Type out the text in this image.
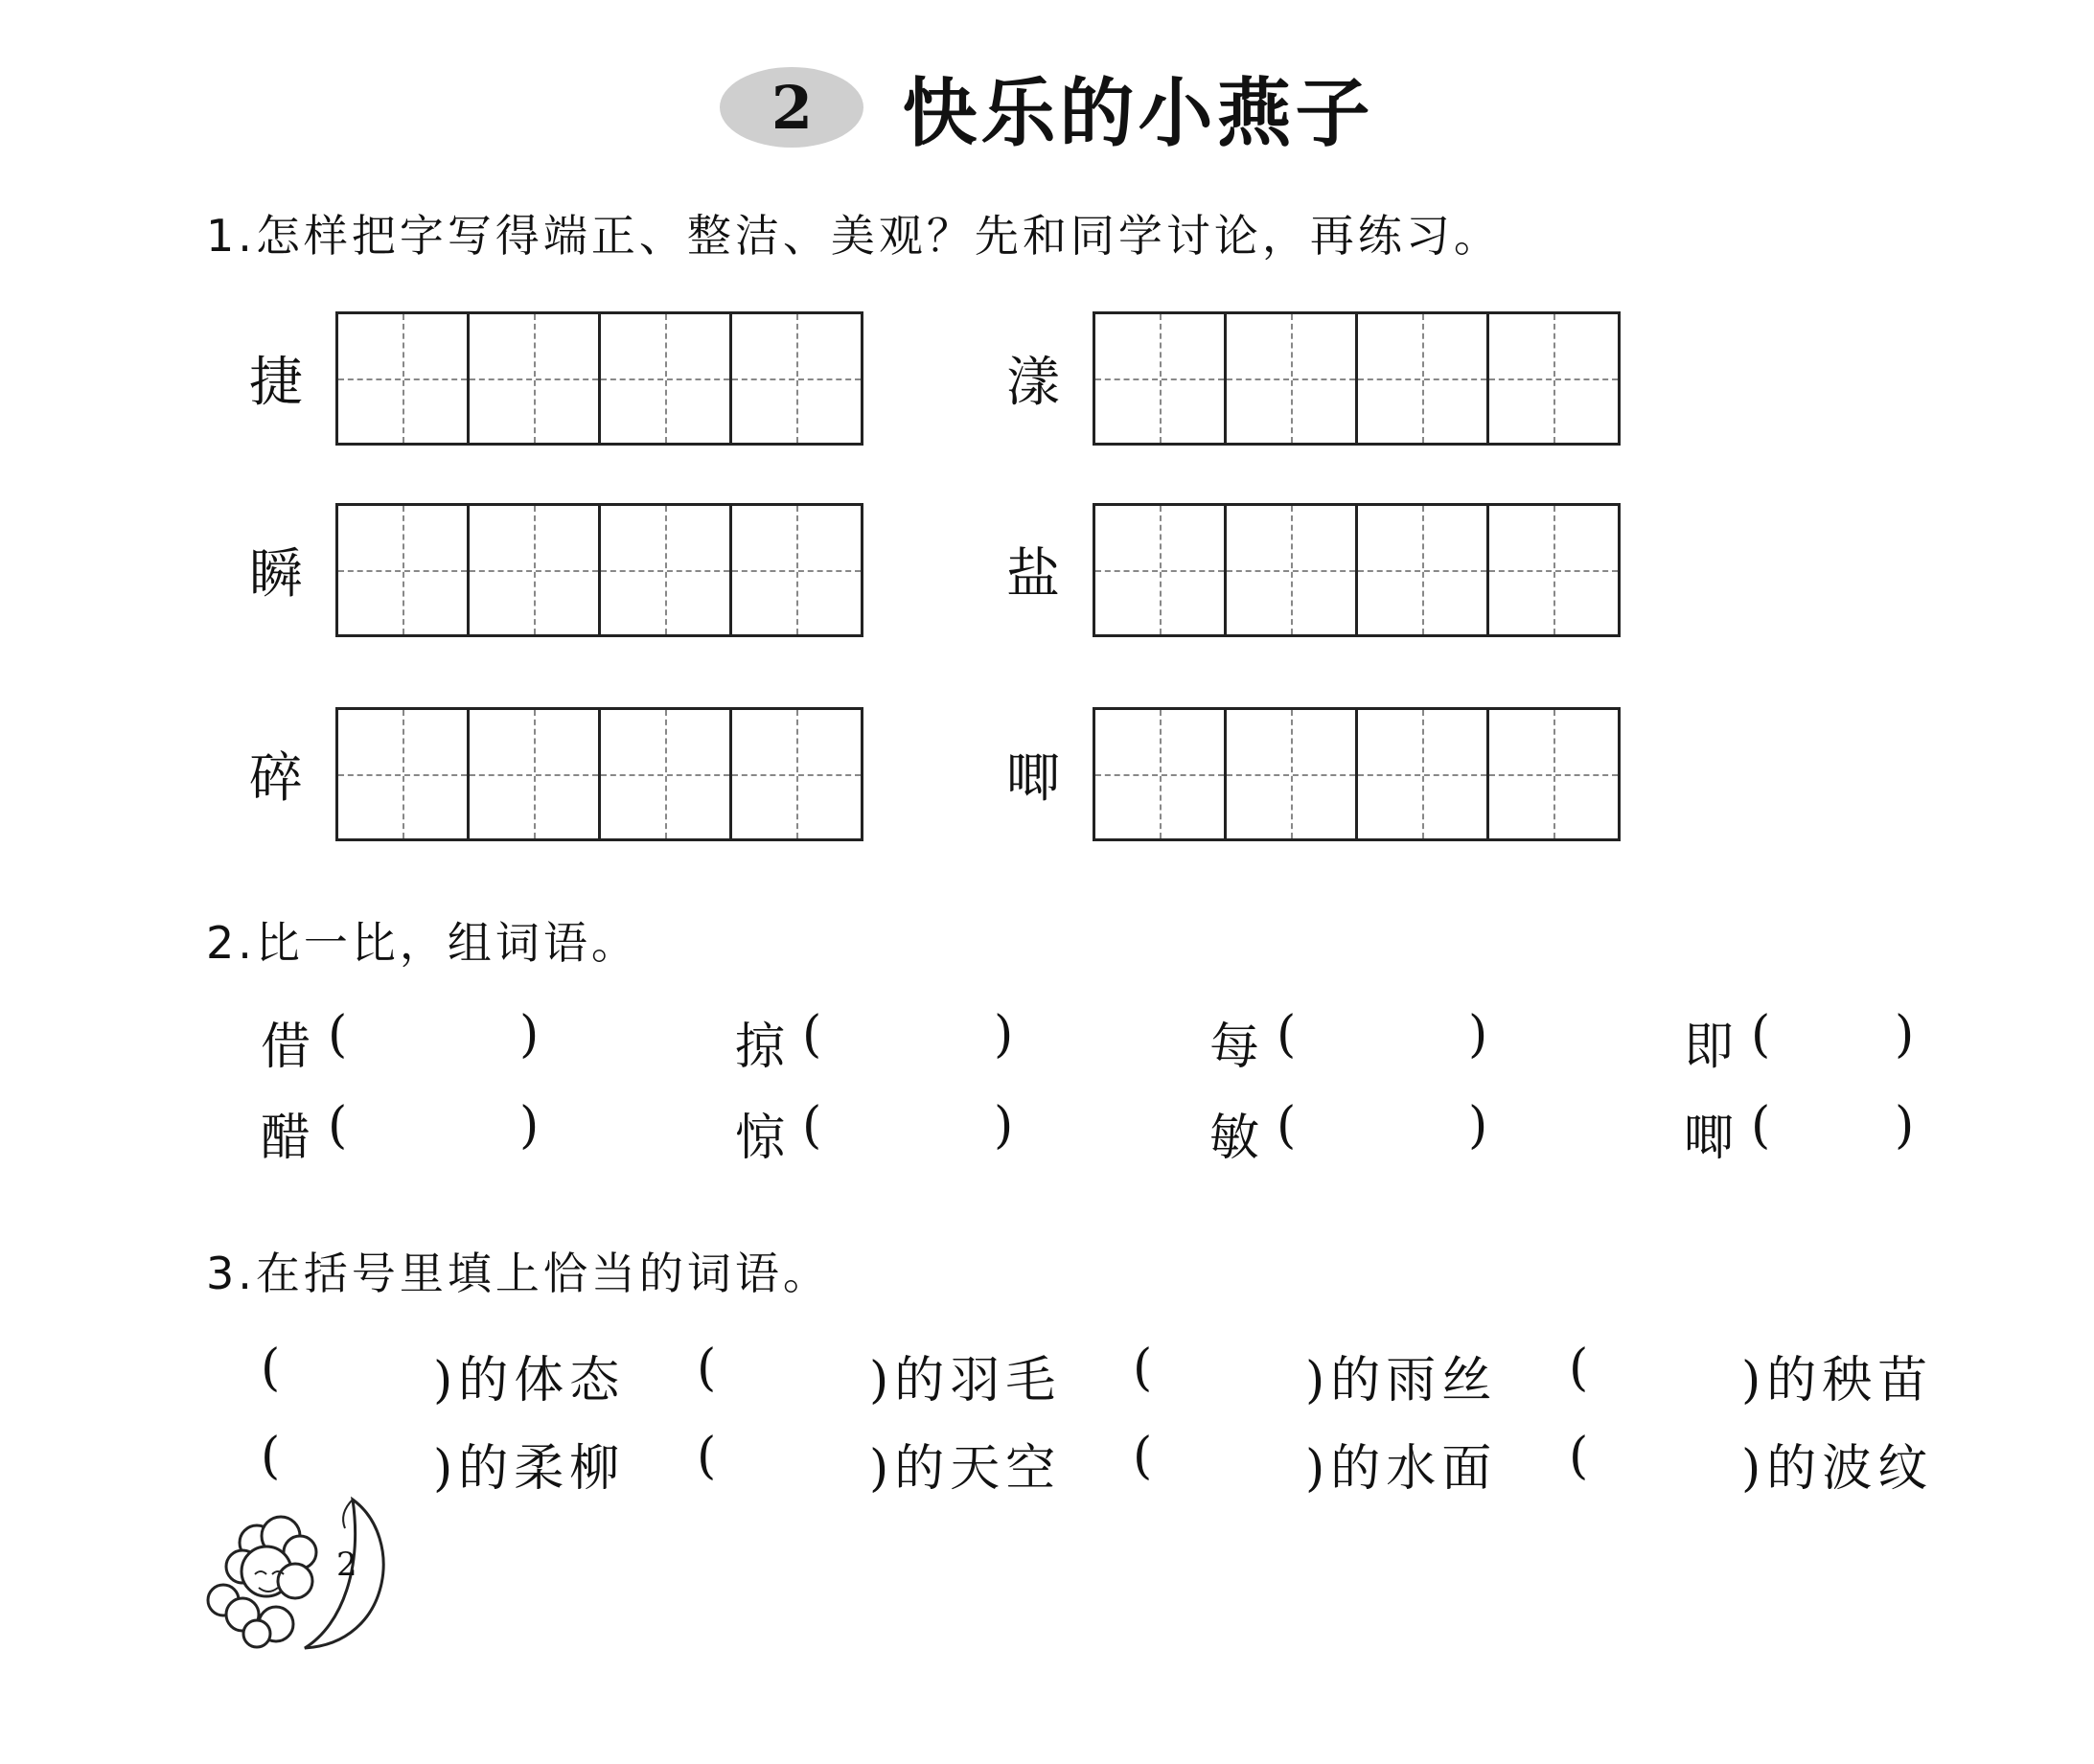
2	快乐的小燕子
1.怎样把字写得端正、整洁、美观？先和同学讨论，再练习。
捷	漾
瞬	盐
碎	唧
2.比一比，组词语。
借 (	)	掠 (	)	每 (	)	即 (	)
醋 (	)	惊 (	)	敏 (	)	唧 (	)
3.在括号里填上恰当的词语。
(	)的体态 (	)的羽毛 (	)的雨丝 (	)的秧苗
(	)的柔柳 (	)的天空 (	)的水面 (	)的波纹
2
